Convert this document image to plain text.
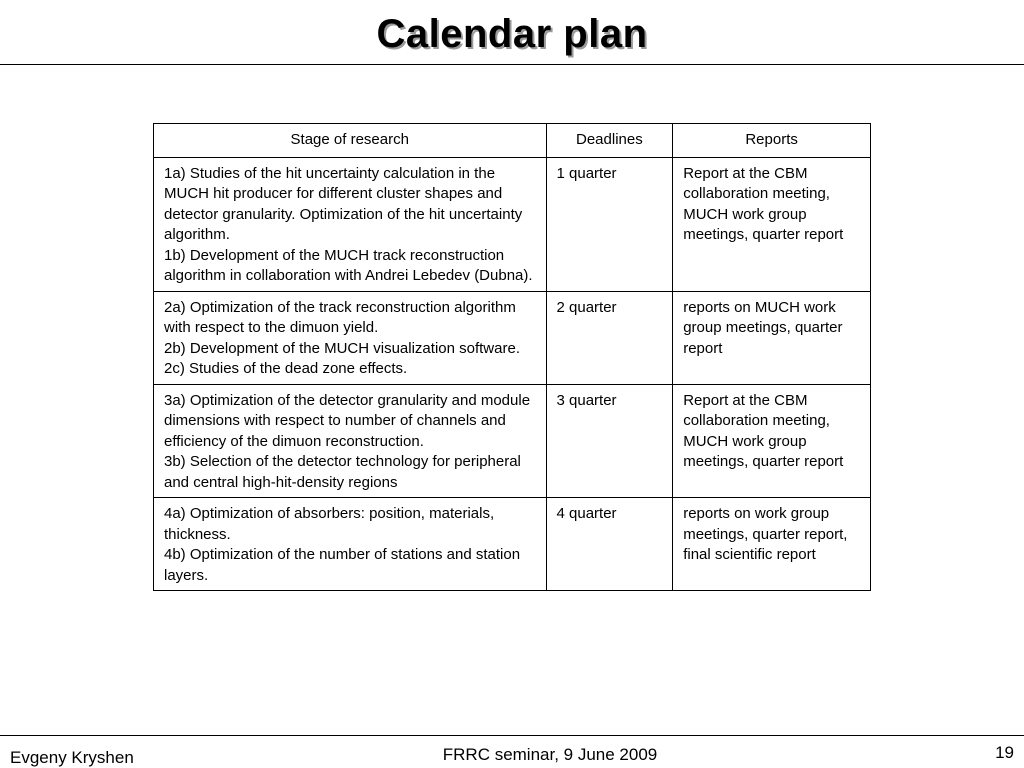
Calendar plan
Stage of research	Deadlines	Reports

1a) Studies of the hit uncertainty calculation in the MUCH hit producer for different cluster shapes and detector granularity. Optimization of the hit uncertainty algorithm.
1b) Development of the MUCH track reconstruction algorithm in collaboration with Andrei Lebedev (Dubna).	1 quarter	Report at the CBM collaboration meeting, MUCH work group meetings, quarter report

2a) Optimization of the track reconstruction algorithm with respect to the dimuon yield.
2b) Development of the MUCH visualization software.
2c) Studies of the dead zone effects.	2 quarter	reports on MUCH work group meetings, quarter report

3a) Optimization of the detector granularity and module dimensions with respect to number of channels and efficiency of the dimuon reconstruction.
3b) Selection of the detector technology for peripheral and central high-hit-density regions	3 quarter	Report at the CBM collaboration meeting, MUCH work group meetings, quarter report

4a) Optimization of absorbers: position, materials, thickness.
4b) Optimization of the number of stations and station layers.	4 quarter	reports on work group meetings, quarter report, final scientific report
Evgeny Kryshen	FRRC seminar, 9 June 2009	19
